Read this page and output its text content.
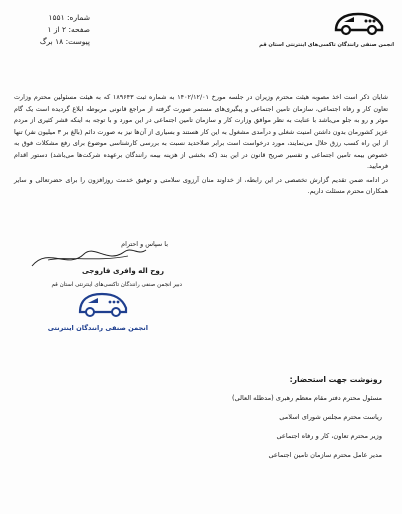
شماره: ۱۵۵۱
صفحه: ۲ از ۱
پیوست: ۱۸ برگ	انجمن صنفی رانندگان تاکسی‌های اینترنتی استان قم

شایان ذکر است اخذ مصوبه هیئت محترم وزیران در جلسه مورخ ۱۴۰۲/۱۲/۰۱ به شماره ثبت ۱۸۹۶۴۳ که به هیئت مسئولین محترم وزارت تعاون کار و رفاه اجتماعی، سازمان تامین اجتماعی و پیگیری‌های مستمر صورت گرفته از مراجع قانونی مربوطه ابلاغ گردیده است یک گام موثر و رو به جلو می‌باشد با عنایت به نظر موافق وزارت کار و سازمان تامین اجتماعی در این مورد و با توجه به اینکه قشر کثیری از مردم عزیز کشورمان بدون داشتن امنیت شغلی و درآمدی مشغول به این کار هستند و بسیاری از آن‌ها نیز به صورت دائم (بالغ بر ۳ میلیون نفر) تنها از این راه کسب رزق حلال می‌نمایند، مورد درخواست است برابر صلاحدید نسبت به بررسی کارشناسی موضوع برای رفع مشکلات فوق به خصوص بیمه تامین اجتماعی و تفسیر صریح قانون در این بند (که بخشی از هزینه بیمه رانندگان برعهده شرکت‌ها می‌باشد) دستور اقدام فرمایید.

در ادامه ضمن تقدیم گزارش تخصصی در این رابطه، از خداوند منان آرزوی سلامتی و توفیق خدمت روزافزون را برای حضرتعالی و سایر همکاران محترم مسئلت داریم.

با سپاس و احترام
روح اله وافری فاروجی
دبیر انجمن صنفی رانندگان تاکسی‌های اینترنتی استان قم
انجمن صنفی رانندگان اینترنتی
رونوشت جهت استحضار:
مسئول محترم دفتر مقام معظم رهبری (مدظله العالی)
ریاست محترم مجلس شورای اسلامی
وزیر محترم تعاون، کار و رفاه اجتماعی
مدیر عامل محترم سازمان تامین اجتماعی
